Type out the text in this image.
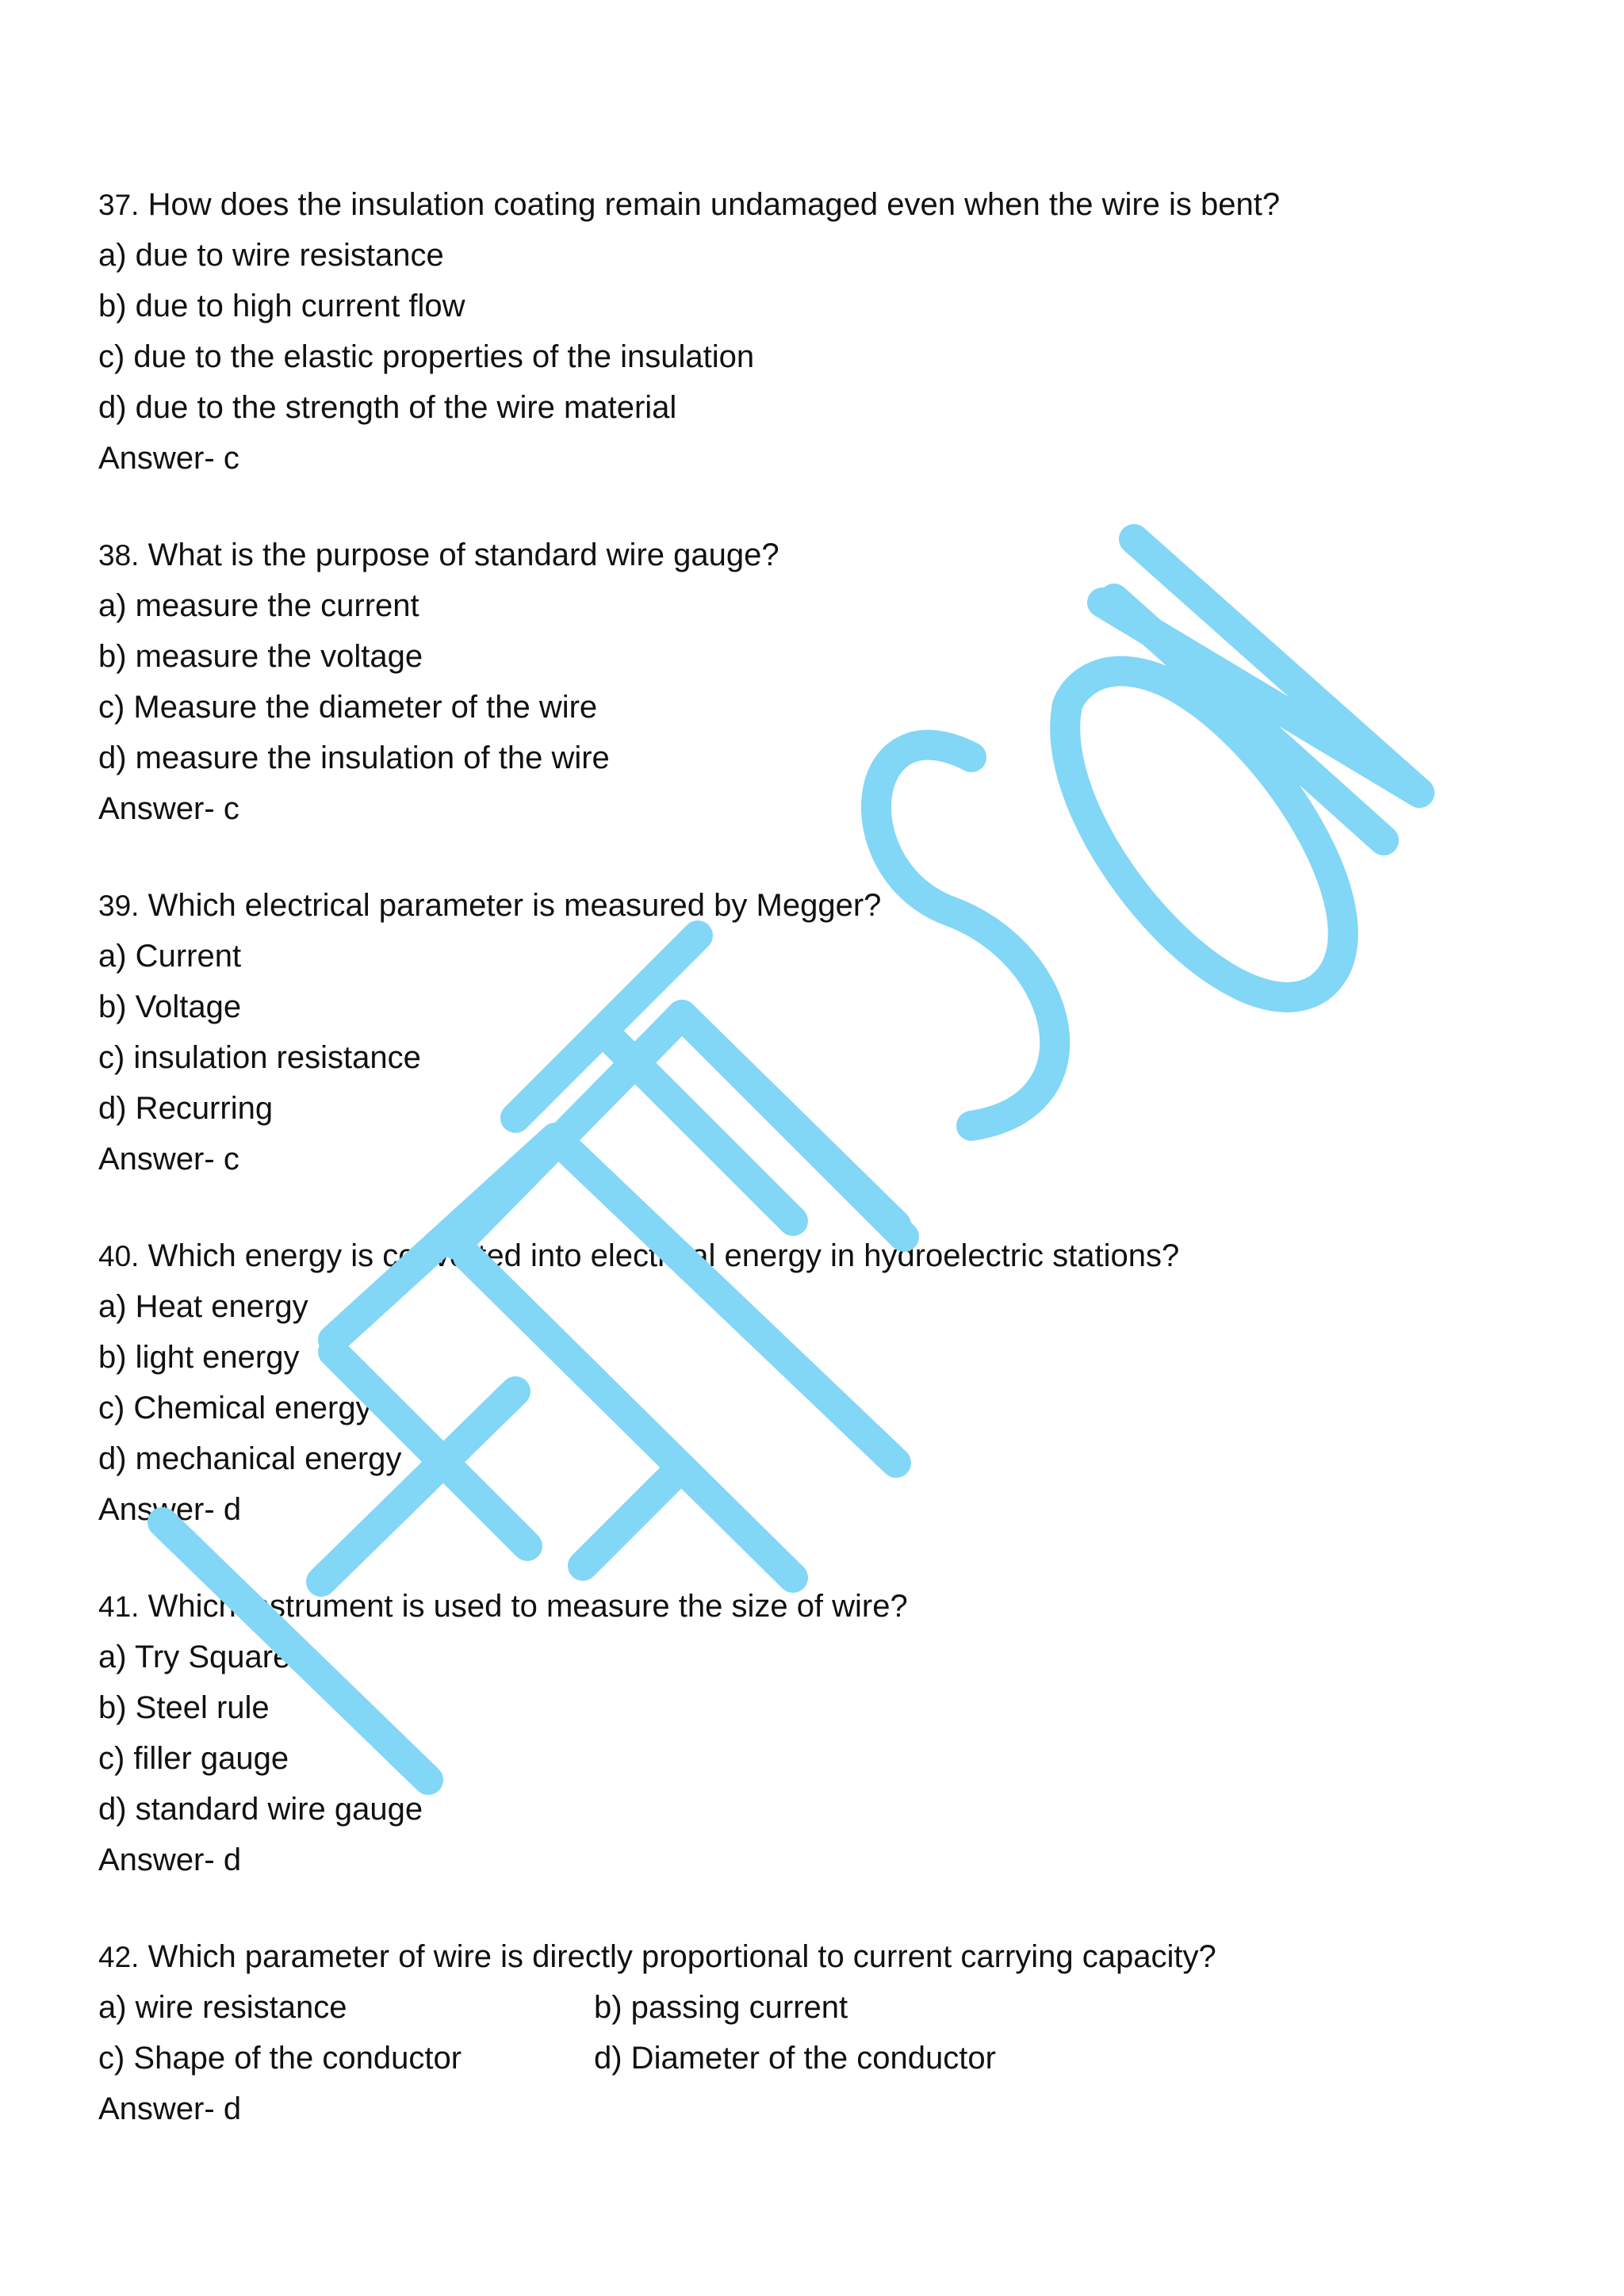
37. How does the insulation coating remain undamaged even when the wire is bent?
a) due to wire resistance
b) due to high current flow
c) due to the elastic properties of the insulation
d) due to the strength of the wire material
Answer- c
38. What is the purpose of standard wire gauge?
a) measure the current
b) measure the voltage
c) Measure the diameter of the wire
d) measure the insulation of the wire
Answer- c
39. Which electrical parameter is measured by Megger?
a) Current
b) Voltage
c) insulation resistance
d) Recurring
Answer- c
40. Which energy is converted into electrical energy in hydroelectric stations?
a) Heat energy
b) light energy
c) Chemical energy
d) mechanical energy
Answer- d
41. Which instrument is used to measure the size of wire?
a) Try Square
b) Steel rule
c) filler gauge
d) standard wire gauge
Answer- d
42. Which parameter of wire is directly proportional to current carrying capacity?
a) wire resistance	b) passing current
c) Shape of the conductor	d) Diameter of the conductor
Answer- d
